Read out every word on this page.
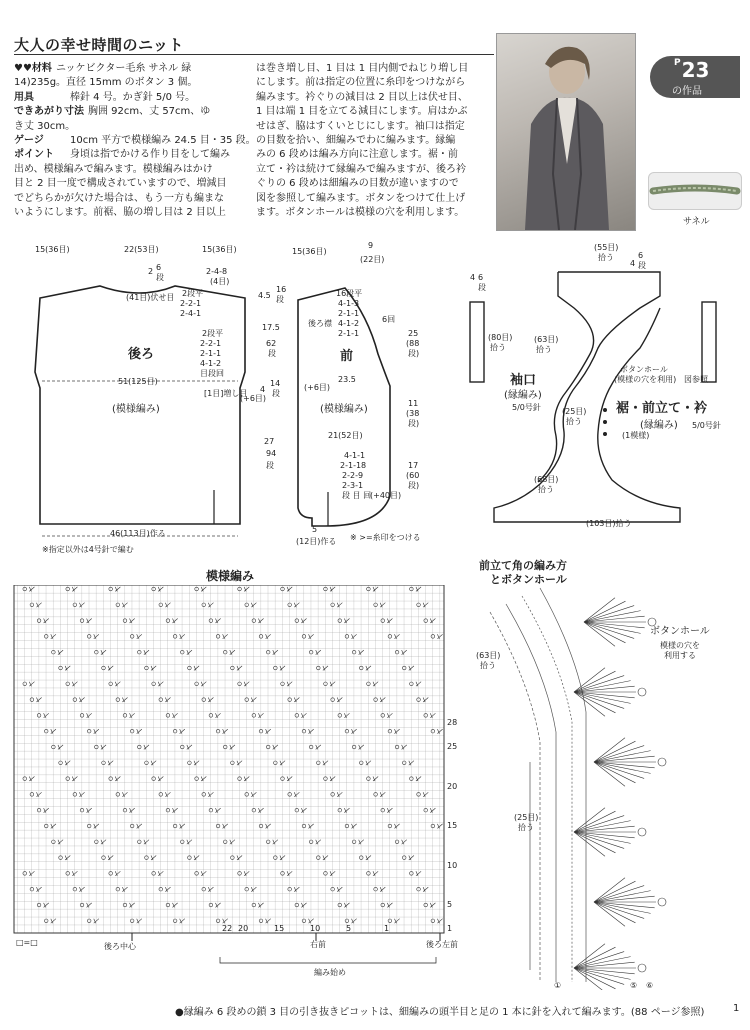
大人の幸せ時間のニット
$^P$23
の作品
サネル
♥♥材料 ニッケビクター毛糸 サネル 緑
14)235g。直径 15mm のボタン 3 個。
用具	棒針 4 号。かぎ針 5/0 号。
できあがり寸法 胸囲 92cm、丈 57cm、ゆ
き丈 30cm。
ゲージ	10cm 平方で模様編み 24.5 目・35 段。
ポイント 身頃は指でかける作り目をして編み
出め、模様編みで編みます。模様編みはかけ
目と 2 目一度で構成されていますので、増減目
でどちらかが欠けた場合は、もう一方も編まな
いようにします。前裾、脇の増し目は 2 目以上
は巻き増し目、1 目は 1 目内側でねじり増し目
にします。前は指定の位置に糸印をつけながら
編みます。衿ぐりの減目は 2 目以上は伏せ目、
1 目は端 1 目を立てる減目にします。肩はかぶ
せはぎ、脇はすくいとじにします。袖口は指定
の目数を拾い、細編みでわに編みます。縁編
みの 6 段めは編み方向に注意します。裾・前
立て・衿は続けて縁編みで編みますが、後ろ衿
ぐりの 6 段めは細編みの目数が違いますので
図を参照して編みます。ボタンをつけて仕上げ
ます。ボタンホールは模様の穴を利用します。
15(36目)	22(53目)	15(36目)
2 6
段
(41目)伏せ目
2-4-8
(4目)
2段平
2-2-1
2-4-1
2段平
2-2-1
2-1-1
4-1-2
目段回
後ろ
51(125目)
[1目]増し目
(模様編み)
46(113目)作る
※指定以外は4号針で編む
15(36目)
9
(22目)
4.5
17.5
4
16
段
62
段
14
段
(+6目)
16段平
4-1-3
2-1-1
4-1-2
2-1-1
6回
後ろ襟
前
23.5
(+6目)
(模様編み)
21(52目)
25
(88
段)
11
(38
段)
17
(60
段)
27
94
段
4-1-1
2-1-18
2-2-9
2-3-1
段 目 回
(+40目)
5
(12目)作る ※ >=糸印をつける
(55目)
拾う
4 6
段
4
6
段
(80目)
拾う
(63目)
拾う
袖口
(縁編み)
5/0号針
ボタンホール
(模様の穴を利用) 図参照
(25目)
拾う
(1模様)
裾・前立て・衿
(縁編み) 5/0号針
(68目)
拾う
(103目)拾う
模様編み
28
25
20
15
10
5
1
22 20	15	10	5	1
□=□	後ろ中心	右前	後ろ左前
編み始め
前立て角の編み方
とボタンホール
(63目)
拾う
ボタンホール
模様の穴を
利用する
(25目)
拾う
①	⑤ ⑥
●縁編み 6 段めの鎖 3 目の引き抜きピコットは、細編みの頭半目と足の 1 本に針を入れて編みます。(88 ページ参照)	1
